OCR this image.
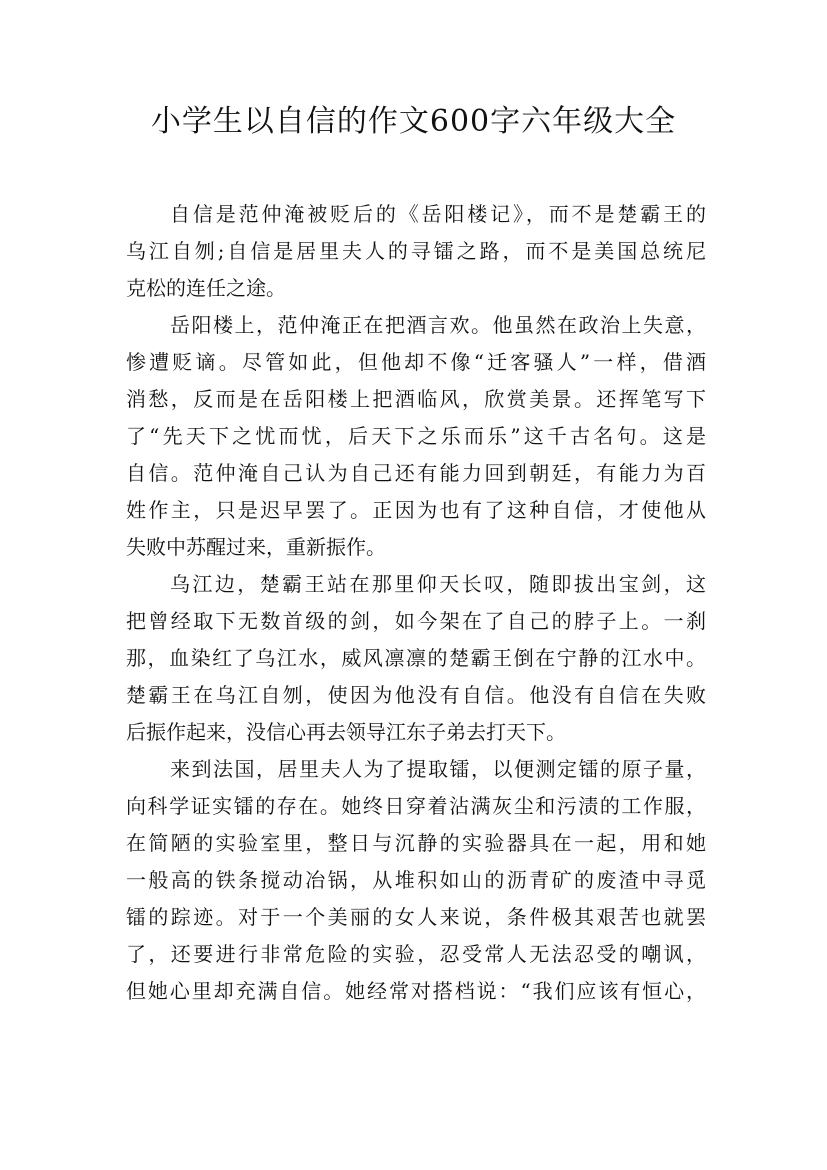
小学生以自信的作文600字六年级大全
自信是范仲淹被贬后的《岳阳楼记》，而不是楚霸王的
乌江自刎;自信是居里夫人的寻镭之路，而不是美国总统尼
克松的连任之途。
岳阳楼上，范仲淹正在把酒言欢。他虽然在政治上失意，
惨遭贬谪。尽管如此，但他却不像“迁客骚人”一样，借酒
消愁，反而是在岳阳楼上把酒临风，欣赏美景。还挥笔写下
了“先天下之忧而忧，后天下之乐而乐”这千古名句。这是
自信。范仲淹自己认为自己还有能力回到朝廷，有能力为百
姓作主，只是迟早罢了。正因为也有了这种自信，才使他从
失败中苏醒过来，重新振作。
乌江边，楚霸王站在那里仰天长叹，随即拔出宝剑，这
把曾经取下无数首级的剑，如今架在了自己的脖子上。一刹
那，血染红了乌江水，威风凛凛的楚霸王倒在宁静的江水中。
楚霸王在乌江自刎，使因为他没有自信。他没有自信在失败
后振作起来，没信心再去领导江东子弟去打天下。
来到法国，居里夫人为了提取镭，以便测定镭的原子量，
向科学证实镭的存在。她终日穿着沾满灰尘和污渍的工作服，
在简陋的实验室里，整日与沉静的实验器具在一起，用和她
一般高的铁条搅动冶锅，从堆积如山的沥青矿的废渣中寻觅
镭的踪迹。对于一个美丽的女人来说，条件极其艰苦也就罢
了，还要进行非常危险的实验，忍受常人无法忍受的嘲讽，
但她心里却充满自信。她经常对搭档说：“我们应该有恒心，
